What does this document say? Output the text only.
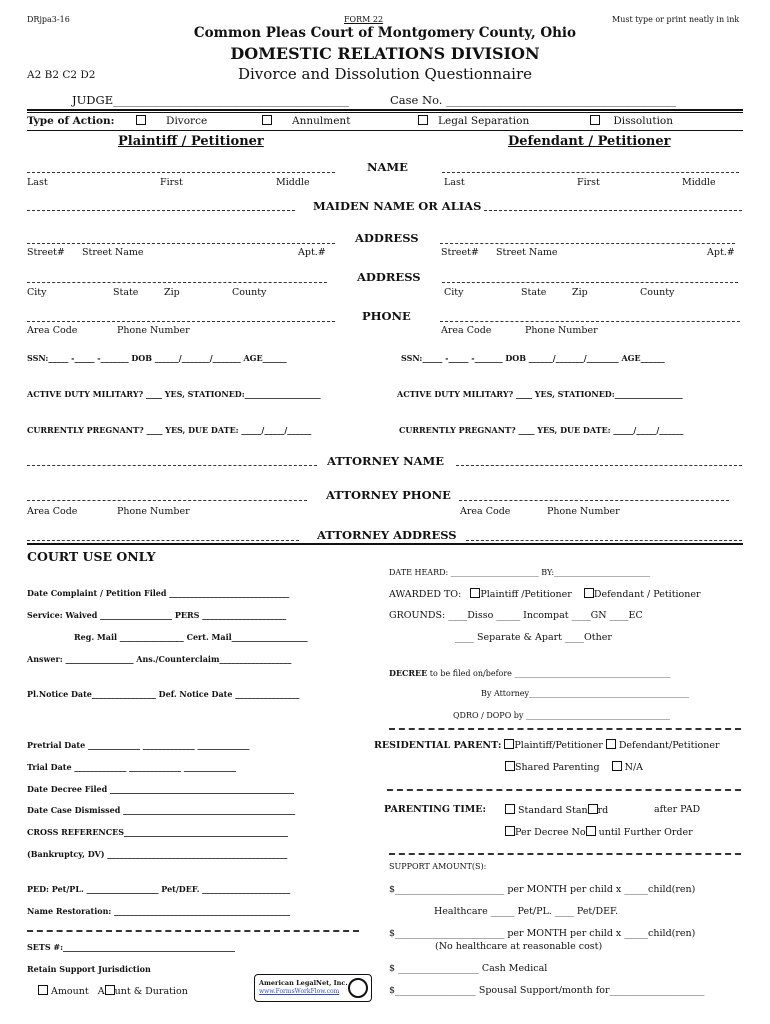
DRjpa3-16	FORM 22	Must type or print neatly in ink
Common Pleas Court of Montgomery County, Ohio
DOMESTIC RELATIONS DIVISION
Divorce and Dissolution Questionnaire
A2 B2 C2 D2
JUDGE_________________________________________	Case No. ________________________________________
Type of Action:	Divorce	Annulment	Legal Separation	Dissolution
Plaintiff / Petitioner	Defendant / Petitioner
NAME
Last	First	Middle	Last	First	Middle
MAIDEN NAME OR ALIAS
ADDRESS
Street# Street Name	Apt.#	Street# Street Name	Apt.#
ADDRESS
City	State	Zip	County	City	State	Zip	County
PHONE
Area Code	Phone Number	Area Code	Phone Number
SSN:_____ -_____ -_______ DOB ______/_______/_______ AGE______	SSN:_____ -_____ -_______ DOB ______/_______/________ AGE______
ACTIVE DUTY MILITARY? ____ YES, STATIONED:___________________	ACTIVE DUTY MILITARY? ____ YES, STATIONED:_________________
CURRENTLY PREGNANT? ____ YES, DUE DATE: _____/_____/______	CURRENTLY PREGNANT? ____ YES, DUE DATE: _____/_____/______
ATTORNEY NAME
ATTORNEY PHONE
Area Code	Phone Number	Area Code	Phone Number
ATTORNEY ADDRESS
COURT USE ONLY
Date Complaint / Petition Filed ______________________________
Service: Waived __________________ PERS _____________________
Reg. Mail ________________ Cert. Mail___________________
Answer: _________________ Ans./Counterclaim__________________
Pl.Notice Date________________ Def. Notice Date ________________
Pretrial Date _____________ _____________ _____________
Trial Date _____________ _____________ _____________
Date Decree Filed ______________________________________________
Date Case Dismissed ___________________________________________
CROSS REFERENCES_________________________________________
(Bankruptcy, DV) _____________________________________________
PED: Pet/PL. __________________ Pet/DEF. ______________________
Name Restoration: ____________________________________________
SETS #:___________________________________________
Retain Support Jurisdiction
Amount A unt & Duration
American LegalNet, Inc.
www.FormsWorkFlow.com
DATE HEARD: ______________________ BY:________________________
AWARDED TO: Plaintiff /Petitioner Defendant / Petitioner
GROUNDS: ____Disso _____ Incompat ____GN ____EC
____ Separate & Apart ____Other
DECREE to be filed on/before _______________________________________
By Attorney________________________________________
QDRO / DOPO by ____________________________________
RESIDENTIAL PARENT: Plaintiff/Petitioner Defendant/Petitioner
Shared Parenting	N/A
PARENTING TIME:	Standard Stan rd	after PAD
Per Decree No until Further Order
SUPPORT AMOUNT(S):
$_______________________ per MONTH per child x _____child(ren)
Healthcare _____ Pet/PL. ____ Pet/DEF.
$_______________________ per MONTH per child x _____child(ren)
(No healthcare at reasonable cost)
$ _________________ Cash Medical
$_________________ Spousal Support/month for____________________
